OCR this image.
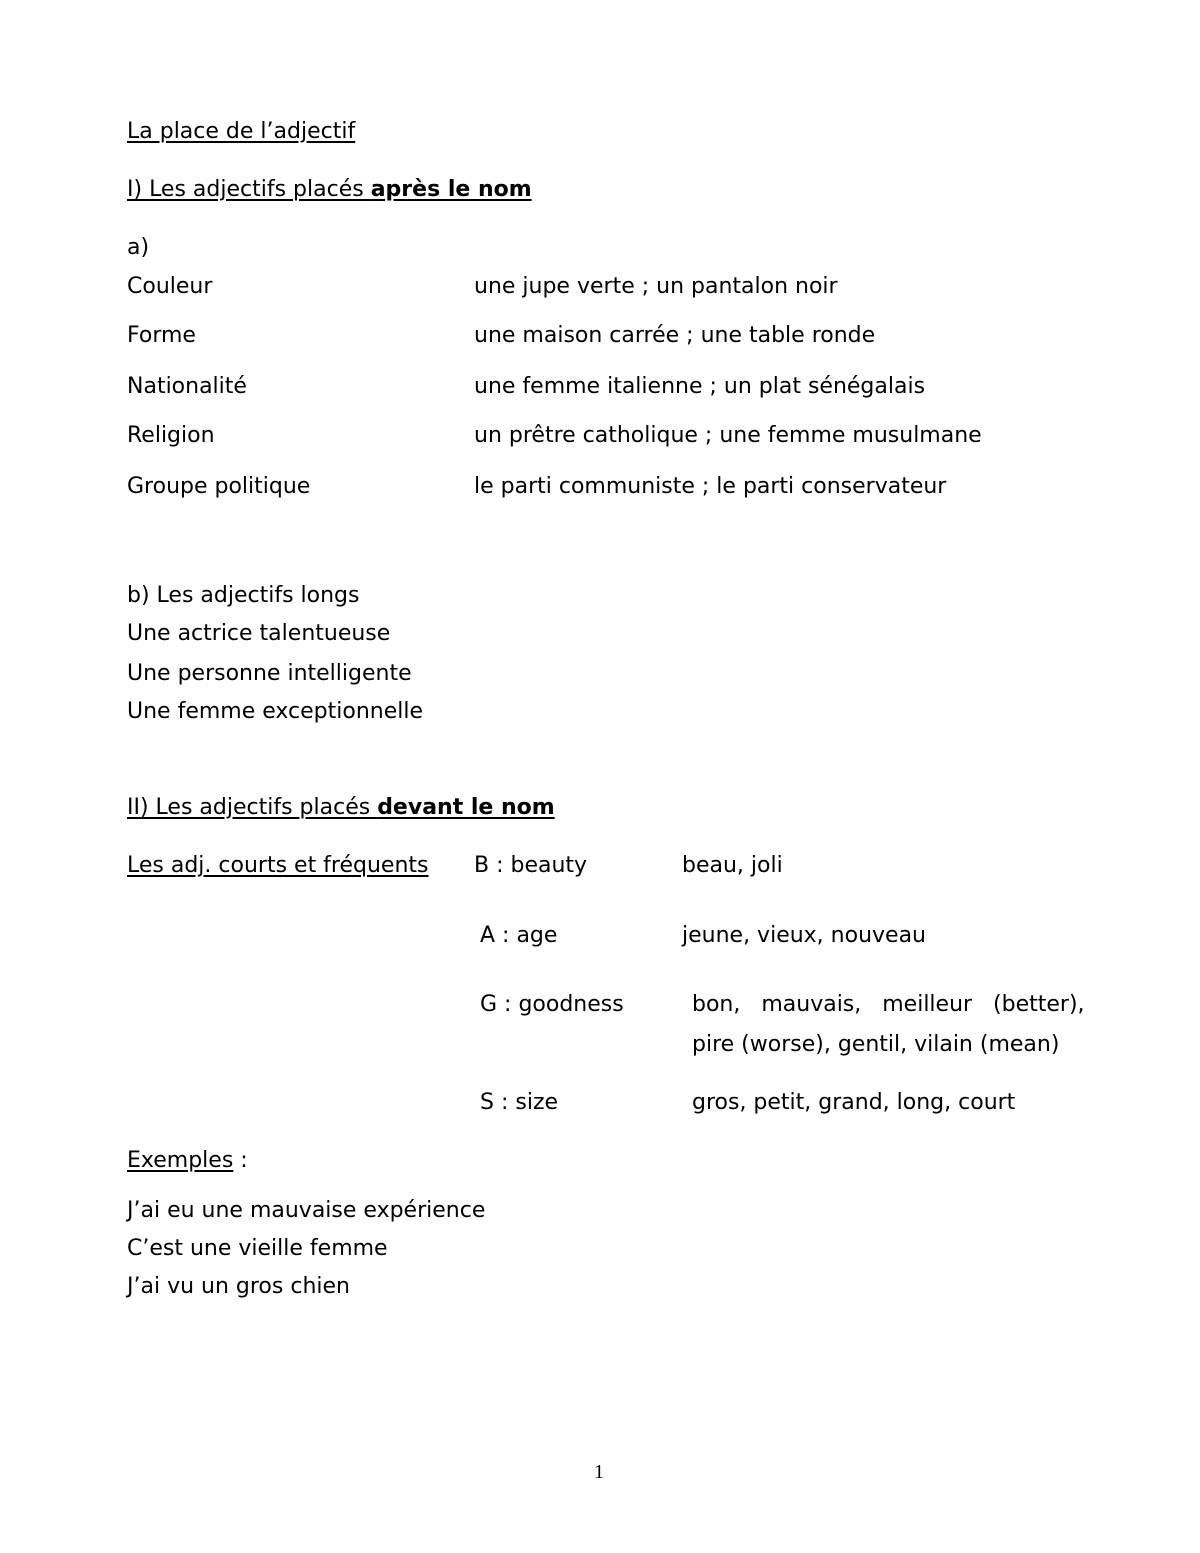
La place de l’adjectif
I) Les adjectifs placés après le nom
a)
Couleur	une jupe verte ; un pantalon noir
Forme	une maison carrée ; une table ronde
Nationalité	une femme italienne ; un plat sénégalais
Religion	un prêtre catholique ; une femme musulmane
Groupe politique	le parti communiste ; le parti conservateur
b) Les adjectifs longs
Une actrice talentueuse
Une personne intelligente
Une femme exceptionnelle
II) Les adjectifs placés devant le nom
Les adj. courts et fréquents B : beauty	beau, joli
A : age	jeune, vieux, nouveau
G : goodness	bon,   mauvais,   meilleur   (better),
pire (worse), gentil, vilain (mean)
S : size	gros, petit, grand, long, court
Exemples :
J’ai eu une mauvaise expérience
C’est une vieille femme
J’ai vu un gros chien
1
